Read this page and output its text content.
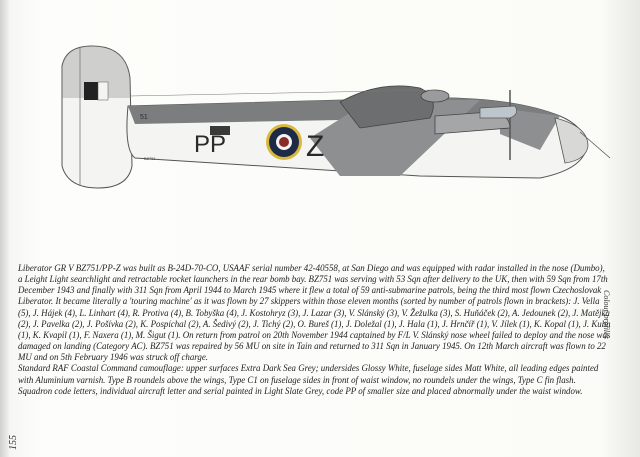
PP	Z
51
BZ751

Liberator GR V BZ751/PP-Z was built as B-24D-70-CO, USAAF serial number 42-40558, at San Diego and was equipped with radar installed in the nose (Dumbo), a Leight Light searchlight and retractable rocket launchers in the rear bomb bay. BZ751 was serving with 53 Sqn after delivery to the UK, then with 59 Sqn from 17th December 1943 and finally with 311 Sqn from April 1944 to March 1945 where it flew a total of 59 anti-submarine patrols, being the third most flown Czechoslovak Liberator. It became literally a 'touring machine' as it was flown by 27 skippers within those eleven months (sorted by number of patrols flown in brackets): J. Vella (5), J. Hájek (4), L. Linhart (4), R. Protiva (4), B. Tobyška (4), J. Kostohryz (3), J. Lazar (3), V. Slánský (3), V. Žežulka (3), S. Huňáček (2), A. Jedounek (2), J. Matějka (2), J. Pavelka (2), J. Pošívka (2), K. Pospíchal (2), A. Šedivý (2), J. Tichý (2), O. Bureš (1), J. Doležal (1), J. Hala (1), J. Hrnčíř (1), V. Jílek (1), K. Kopal (1), J. Kuhn (1), K. Kvapil (1), F. Naxera (1), M. Šigut (1). On return from patrol on 20th November 1944 captained by F/L V. Slánský nose wheel failed to deploy and the nose was damaged on landing (Category AC). BZ751 was repaired by 56 MU on site in Tain and returned to 311 Sqn in January 1945. On 12th March aircraft was flown to 22 MU and on 5th February 1946 was struck off charge.

Standard RAF Coastal Command camouflage: upper surfaces Extra Dark Sea Grey; undersides Glossy White, fuselage sides Matt White, all leading edges painted with Aluminium varnish. Type B roundels above the wings, Type C1 on fuselage sides in front of waist window, no roundels under the wings, Type C fin flash. Squadron code letters, individual aircraft letter and serial painted in Light Slate Grey, code PP of smaller size and placed abnormally under the waist window.

Colour profiles
155
